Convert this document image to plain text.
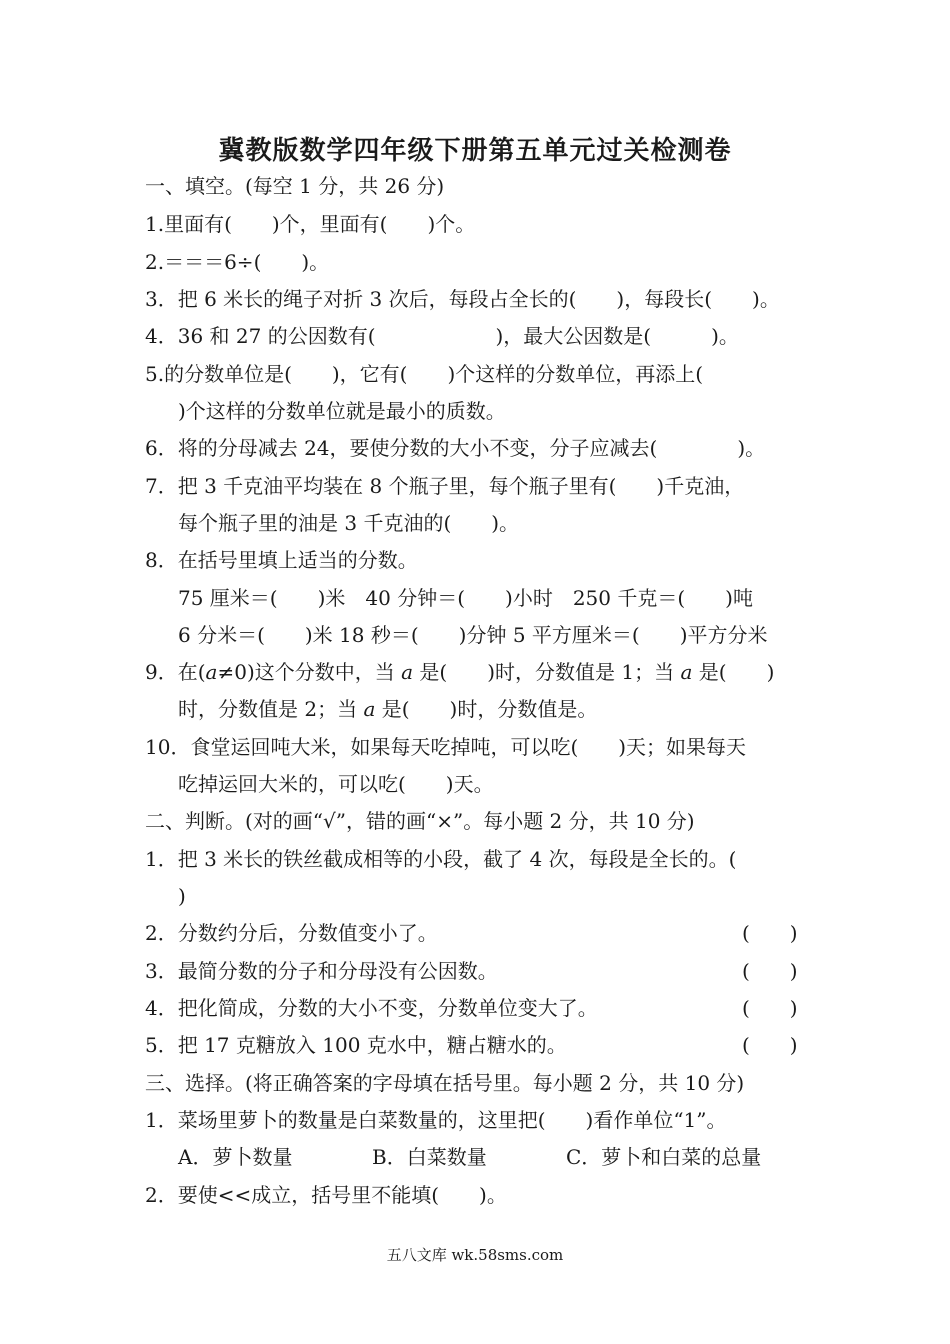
冀教版数学四年级下册第五单元过关检测卷
一、填空。(每空 1 分，共 26 分)
1.里面有(　　)个，里面有(　　)个。
2.＝＝＝6÷(　　)。
3．把 6 米长的绳子对折 3 次后，每段占全长的(　　)，每段长(　　)。
4．36 和 27 的公因数有(　　　　　　)，最大公因数是(　　　)。
5.的分数单位是(　　)，它有(　　)个这样的分数单位，再添上(
)个这样的分数单位就是最小的质数。
6．将的分母减去 24，要使分数的大小不变，分子应减去(　　　　)。
7．把 3 千克油平均装在 8 个瓶子里，每个瓶子里有(　　)千克油，
每个瓶子里的油是 3 千克油的(　　)。
8．在括号里填上适当的分数。
75 厘米＝(　　)米　40 分钟＝(　　)小时　250 千克＝(　　)吨
6 分米＝(　　)米 18 秒＝(　　)分钟 5 平方厘米＝(　　)平方分米
9．在(a≠0)这个分数中，当 a 是(　　)时，分数值是 1；当 a 是(　　)
时，分数值是 2；当 a 是(　　)时，分数值是。
10．食堂运回吨大米，如果每天吃掉吨，可以吃(　　)天；如果每天
吃掉运回大米的，可以吃(　　)天。
二、判断。(对的画“√”，错的画“×”。每小题 2 分，共 10 分)
1．把 3 米长的铁丝截成相等的小段，截了 4 次，每段是全长的。(
)
2．分数约分后，分数值变小了。	(　　)
3．最简分数的分子和分母没有公因数。	(　　)
4．把化简成，分数的大小不变，分数单位变大了。	(　　)
5．把 17 克糖放入 100 克水中，糖占糖水的。	(　　)
三、选择。(将正确答案的字母填在括号里。每小题 2 分，共 10 分)
1．菜场里萝卜的数量是白菜数量的，这里把(　　)看作单位“1”。
A．萝卜数量	B．白菜数量	C．萝卜和白菜的总量
2．要使<<成立，括号里不能填(　　)。
五八文库 wk.58sms.com
